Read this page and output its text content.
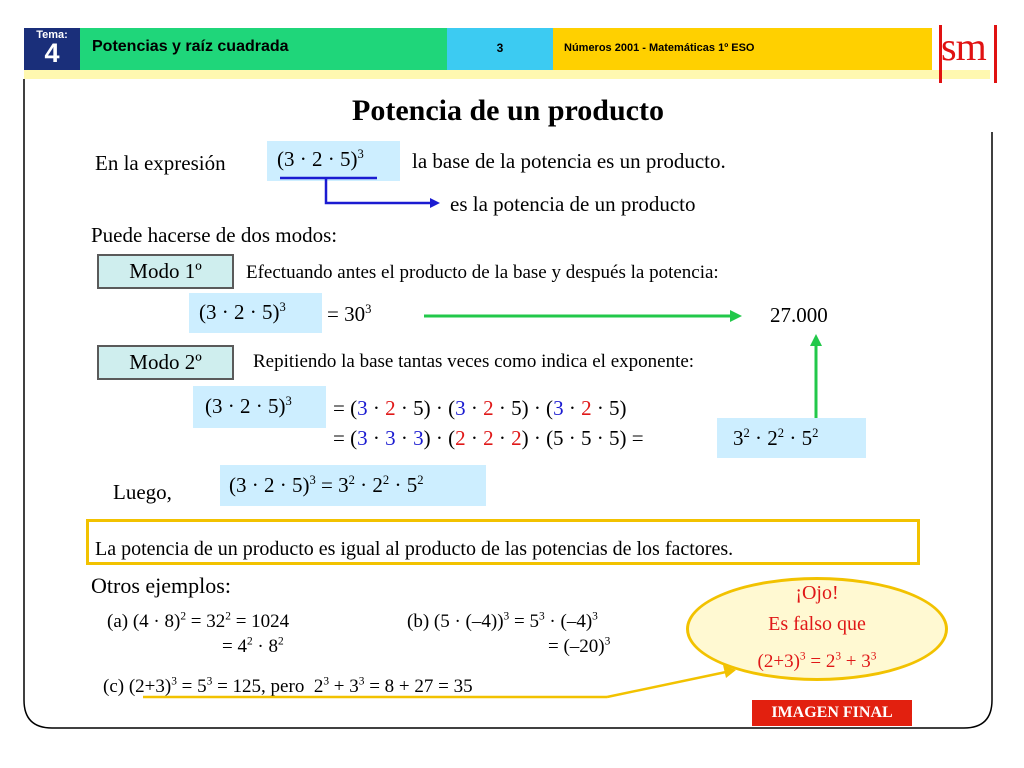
Tema:
4	Potencias y raíz cuadrada	3	Números 2001 - Matemáticas 1º ESO	sm
Potencia de un producto
En la expresión	$(3 \cdot 2 \cdot 5)^3$	la base de la potencia es un producto.
es la potencia de un producto
Puede hacerse de dos modos:
Modo 1º	Efectuando antes el producto de la base y después la potencia:
$(3 \cdot 2 \cdot 5)^3$	= $30^3$	27.000
Modo 2º	Repitiendo la base tantas veces como indica el exponente:
$(3 \cdot 2 \cdot 5)^3$	= (3 · 2 · 5) · (3 · 2 · 5) · (3 · 2 · 5)
= (3 · 3 · 3) · (2 · 2 · 2) · (5 · 5 · 5) =	$3^2 \cdot 2^2 \cdot 5^2$
Luego,	$(3 \cdot 2 \cdot 5)^3 = 3^2 \cdot 2^2 \cdot 5^2$
La potencia de un producto es igual al producto de las potencias de los factores.
Otros ejemplos:
(a) $(4 \cdot 8)^2 = 32^2 = 1024$
= $4^2 \cdot 8^2$
(b) $(5 \cdot (-4))^3 = 5^3 \cdot (-4)^3$
= $(-20)^3$
(c) $(2+3)^3 = 5^3 = 125$, pero  $2^3 + 3^3 = 8 + 27 = 35$
¡Ojo!
Es falso que
$(2+3)^3 = 2^3 + 3^3$
IMAGEN FINAL
